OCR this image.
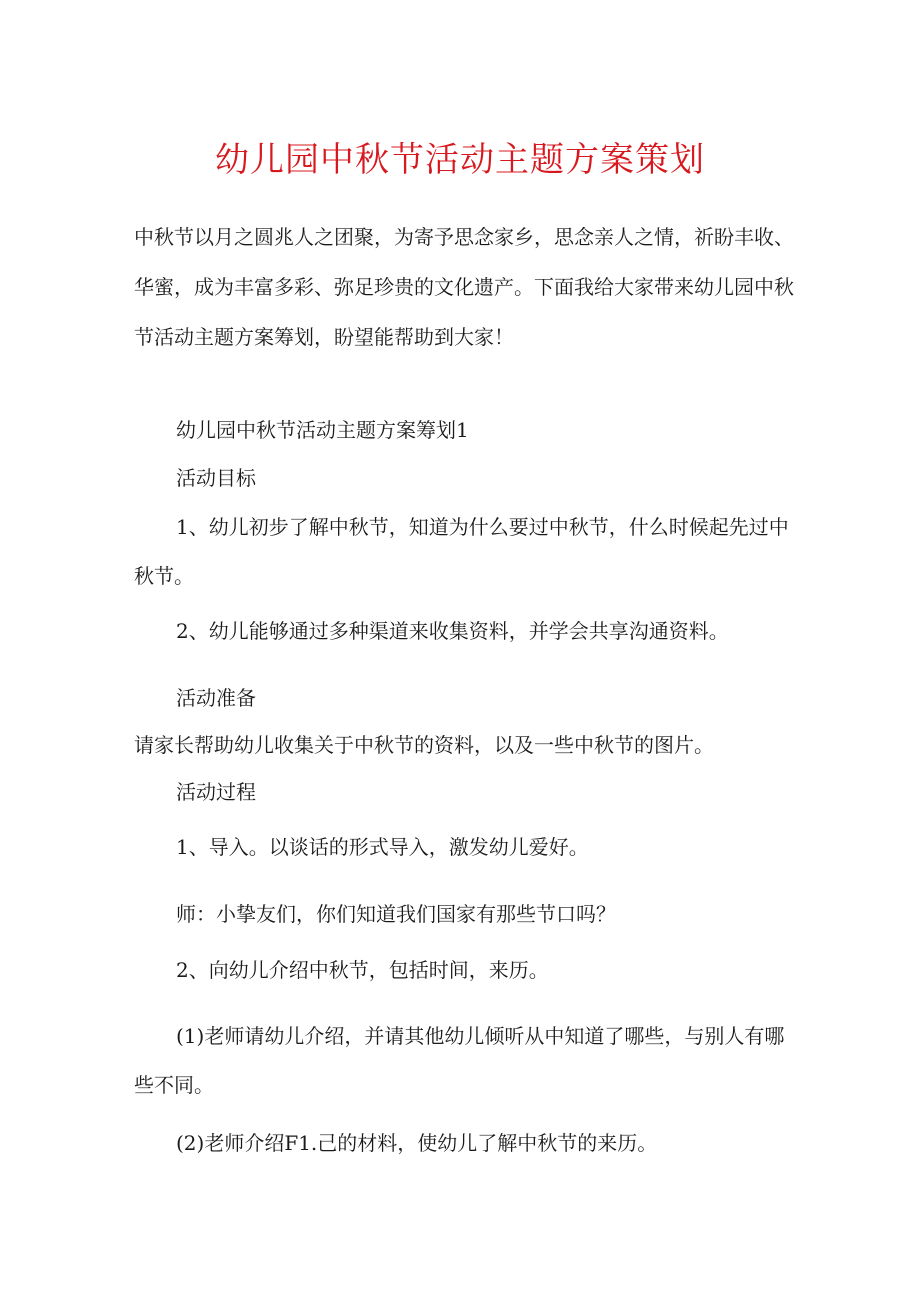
幼儿园中秋节活动主题方案策划
中秋节以月之圆兆人之团聚，为寄予思念家乡，思念亲人之情，祈盼丰收、
华蜜，成为丰富多彩、弥足珍贵的文化遗产。下面我给大家带来幼儿园中秋
节活动主题方案筹划，盼望能帮助到大家！
幼儿园中秋节活动主题方案筹划1
活动目标
1、幼儿初步了解中秋节，知道为什么要过中秋节，什么时候起先过中
秋节。
2、幼儿能够通过多种渠道来收集资料，并学会共享沟通资料。
活动准备
请家长帮助幼儿收集关于中秋节的资料，以及一些中秋节的图片。
活动过程
1、导入。以谈话的形式导入，激发幼儿爱好。
师：小挚友们，你们知道我们国家有那些节口吗？
2、向幼儿介绍中秋节，包括时间，来历。
(1)老师请幼儿介绍，并请其他幼儿倾听从中知道了哪些，与别人有哪
些不同。
(2)老师介绍F1.己的材料，使幼儿了解中秋节的来历。
